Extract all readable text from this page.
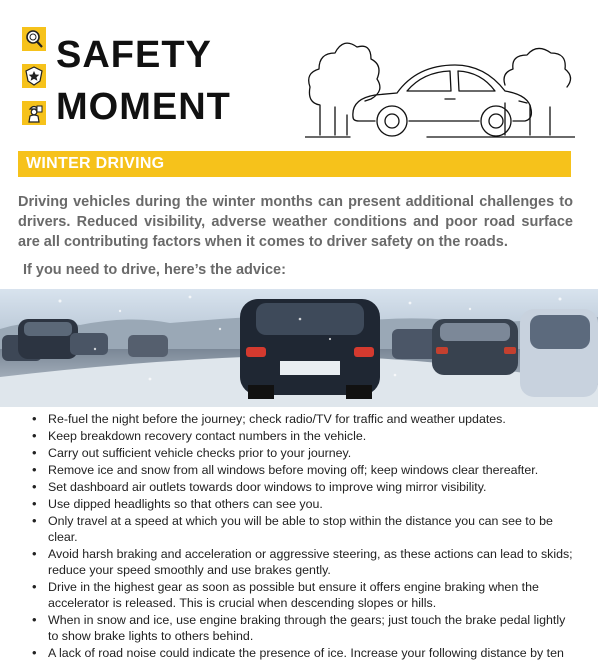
SAFETY
MOMENT
WINTER DRIVING

Driving vehicles during the winter months can present additional challenges to drivers. Reduced visibility, adverse weather conditions and poor road surface are all contributing factors when it comes to driver safety on the roads.

If you need to drive, here’s the advice:

• Re-fuel the night before the journey; check radio/TV for traffic and weather updates.
• Keep breakdown recovery contact numbers in the vehicle.
• Carry out sufficient vehicle checks prior to your journey.
• Remove ice and snow from all windows before moving off; keep windows clear thereafter.
• Set dashboard air outlets towards door windows to improve wing mirror visibility.
• Use dipped headlights so that others can see you.
• Only travel at a speed at which you will be able to stop within the distance you can see to be clear.
• Avoid harsh braking and acceleration or aggressive steering, as these actions can lead to skids; reduce your speed smoothly and use brakes gently.
• Drive in the highest gear as soon as possible but ensure it offers engine braking when the accelerator is released. This is crucial when descending slopes or hills.
• When in snow and ice, use engine braking through the gears; just touch the brake pedal lightly to show brake lights to others behind.
• A lack of road noise could indicate the presence of ice. Increase your following distance by ten
